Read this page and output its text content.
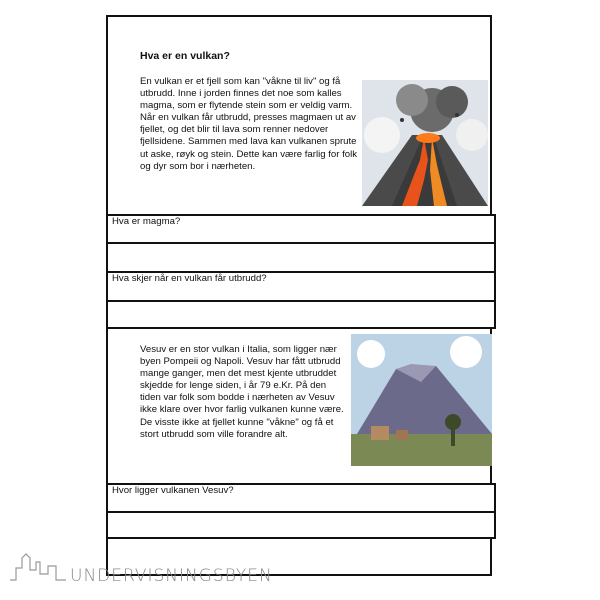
Hva er en vulkan?

En vulkan er et fjell som kan "våkne til liv" og få utbrudd. Inne i jorden finnes det noe som kalles magma, som er flytende stein som er veldig varm. Når en vulkan får utbrudd, presses magmaen ut av fjellet, og det blir til lava som renner nedover fjellsidene. Sammen med lava kan vulkanen sprute ut aske, røyk og stein. Dette kan være farlig for folk og dyr som bor i nærheten.

Hva er magma?
Hva skjer når en vulkan får utbrudd?

Vesuv er en stor vulkan i Italia, som ligger nær byen Pompeii og Napoli. Vesuv har fått utbrudd mange ganger, men det mest kjente utbruddet skjedde for lenge siden, i år 79 e.Kr. På den tiden var folk som bodde i nærheten av Vesuv ikke klare over hvor farlig vulkanen kunne være. De visste ikke at fjellet kunne "våkne" og få et stort utbrudd som ville forandre alt.

Hvor ligger vulkanen Vesuv?
UNDERVISNINGSBYEN
